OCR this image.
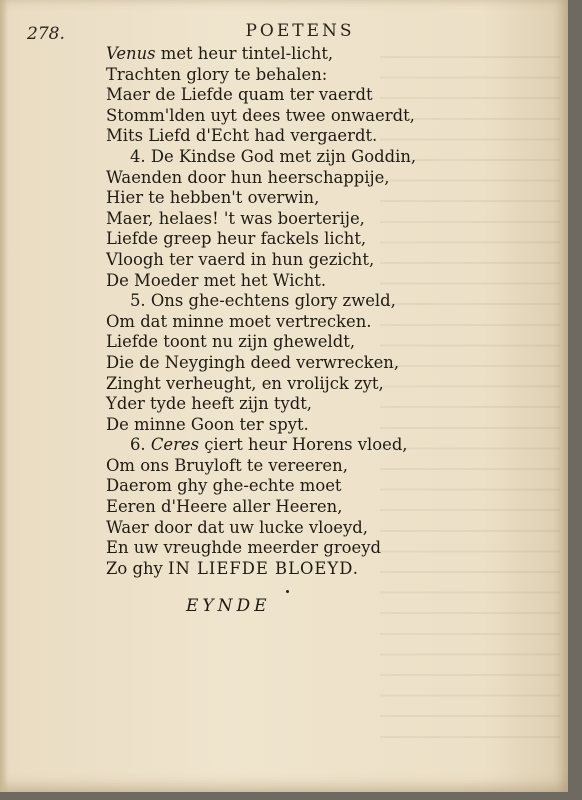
278.	POETENS
Venus met heur tintel-licht,
Trachten glory te behalen:
Maer de Liefde quam ter vaerdt
Stomm'lden uyt dees twee onwaerdt,
Mits Liefd d'Echt had vergaerdt.
4. De Kindse God met zijn Goddin,
Waenden door hun heerschappije,
Hier te hebben't overwin,
Maer, helaes! 't was boerterije,
Liefde greep heur fackels licht,
Vloogh ter vaerd in hun gezicht,
De Moeder met het Wicht.
5. Ons ghe-echtens glory zweld,
Om dat minne moet vertrecken.
Liefde toont nu zijn gheweldt,
Die de Neygingh deed verwrecken,
Zinght verheught, en vrolijck zyt,
Yder tyde heeft zijn tydt,
De minne Goon ter spyt.
6. Ceres çiert heur Horens vloed,
Om ons Bruyloft te vereeren,
Daerom ghy ghe-echte moet
Eeren d'Heere aller Heeren,
Waer door dat uw lucke vloeyd,
En uw vreughde meerder groeyd
Zo ghy IN LIEFDE BLOEYD.
EYNDE
